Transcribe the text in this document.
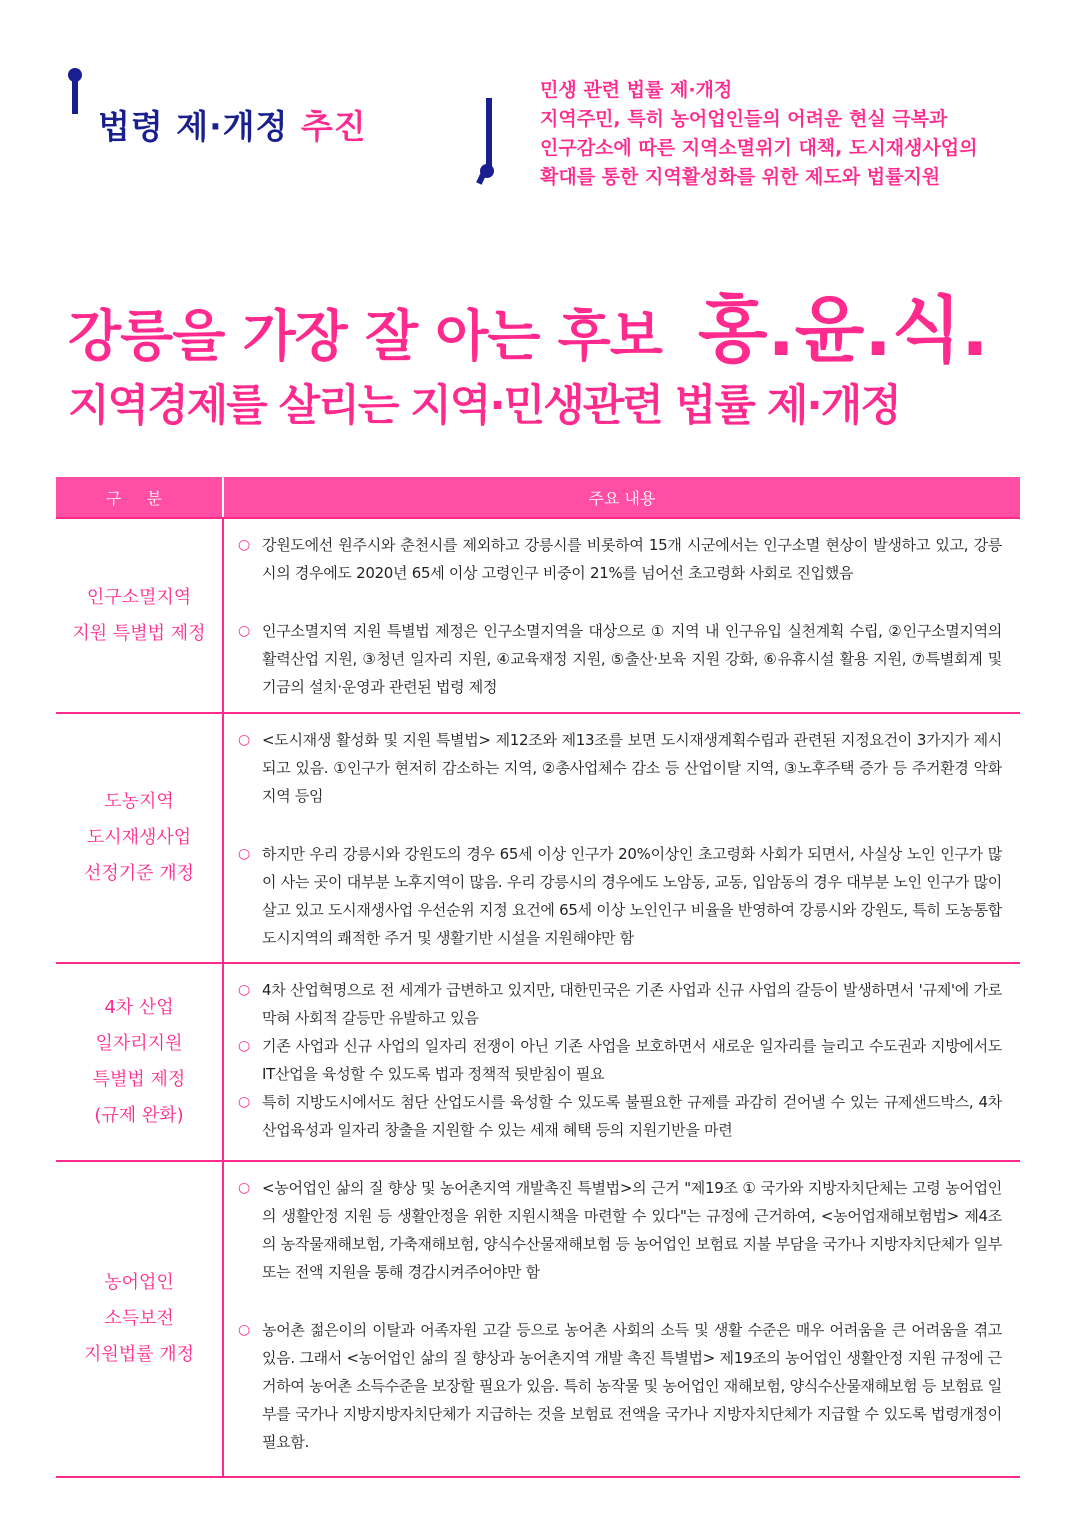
법령 제·개정 추진
민생 관련 법률 제·개정
지역주민, 특히 농어업인들의 어려운 현실 극복과
인구감소에 따른 지역소멸위기 대책, 도시재생사업의
확대를 통한 지역활성화를 위한 제도와 법률지원
강릉을 가장 잘 아는 후보 홍.윤.식.
지역경제를 살리는 지역·민생관련 법률 제·개정
구 분	주요 내용
인구소멸지역
지원 특별법 제정
○ 강원도에선 원주시와 춘천시를 제외하고 강릉시를 비롯하여 15개 시군에서는 인구소멸 현상이 발생하고 있고, 강릉시의 경우에도 2020년 65세 이상 고령인구 비중이 21%를 넘어선 초고령화 사회로 진입했음
○ 인구소멸지역 지원 특별법 제정은 인구소멸지역을 대상으로 ① 지역 내 인구유입 실천계획 수립, ②인구소멸지역의 활력산업 지원, ③청년 일자리 지원, ④교육재정 지원, ⑤출산·보육 지원 강화, ⑥유휴시설 활용 지원, ⑦특별회계 및 기금의 설치·운영과 관련된 법령 제정
도농지역
도시재생사업
선정기준 개정
○ <도시재생 활성화 및 지원 특별법> 제12조와 제13조를 보면 도시재생계획수립과 관련된 지정요건이 3가지가 제시되고 있음. ①인구가 현저히 감소하는 지역, ②총사업체수 감소 등 산업이탈 지역, ③노후주택 증가 등 주거환경 악화 지역 등임
○ 하지만 우리 강릉시와 강원도의 경우 65세 이상 인구가 20%이상인 초고령화 사회가 되면서, 사실상 노인 인구가 많이 사는 곳이 대부분 노후지역이 많음. 우리 강릉시의 경우에도 노암동, 교동, 입암동의 경우 대부분 노인 인구가 많이 살고 있고 도시재생사업 우선순위 지정 요건에 65세 이상 노인인구 비율을 반영하여 강릉시와 강원도, 특히 도농통합 도시지역의 쾌적한 주거 및 생활기반 시설을 지원해야만 함
4차 산업
일자리지원
특별법 제정
(규제 완화)
○ 4차 산업혁명으로 전 세계가 급변하고 있지만, 대한민국은 기존 사업과 신규 사업의 갈등이 발생하면서 '규제'에 가로 막혀 사회적 갈등만 유발하고 있음
○ 기존 사업과 신규 사업의 일자리 전쟁이 아닌 기존 사업을 보호하면서 새로운 일자리를 늘리고 수도권과 지방에서도 IT산업을 육성할 수 있도록 법과 정책적 뒷받침이 필요
○ 특히 지방도시에서도 첨단 산업도시를 육성할 수 있도록 불필요한 규제를 과감히 걷어낼 수 있는 규제샌드박스, 4차 산업육성과 일자리 창출을 지원할 수 있는 세재 혜택 등의 지원기반을 마련
농어업인
소득보전
지원법률 개정
○ <농어업인 삶의 질 향상 및 농어촌지역 개발촉진 특별법>의 근거 "제19조 ① 국가와 지방자치단체는 고령 농어업인의 생활안정 지원 등 생활안정을 위한 지원시책을 마련할 수 있다"는 규정에 근거하여, <농어업재해보험법> 제4조의 농작물재해보험, 가축재해보험, 양식수산물재해보험 등 농어업인 보험료 지불 부담을 국가나 지방자치단체가 일부 또는 전액 지원을 통해 경감시켜주어야만 함
○ 농어촌 젊은이의 이탈과 어족자원 고갈 등으로 농어촌 사회의 소득 및 생활 수준은 매우 어려움을 큰 어려움을 겪고 있음. 그래서 <농어업인 삶의 질 향상과 농어촌지역 개발 촉진 특별법> 제19조의 농어업인 생활안정 지원 규정에 근거하여 농어촌 소득수준을 보장할 필요가 있음. 특히 농작물 및 농어업인 재해보험, 양식수산물재해보험 등 보험료 일부를 국가나 지방지방자치단체가 지급하는 것을 보험료 전액을 국가나 지방자치단체가 지급할 수 있도록 법령개정이 필요함.
